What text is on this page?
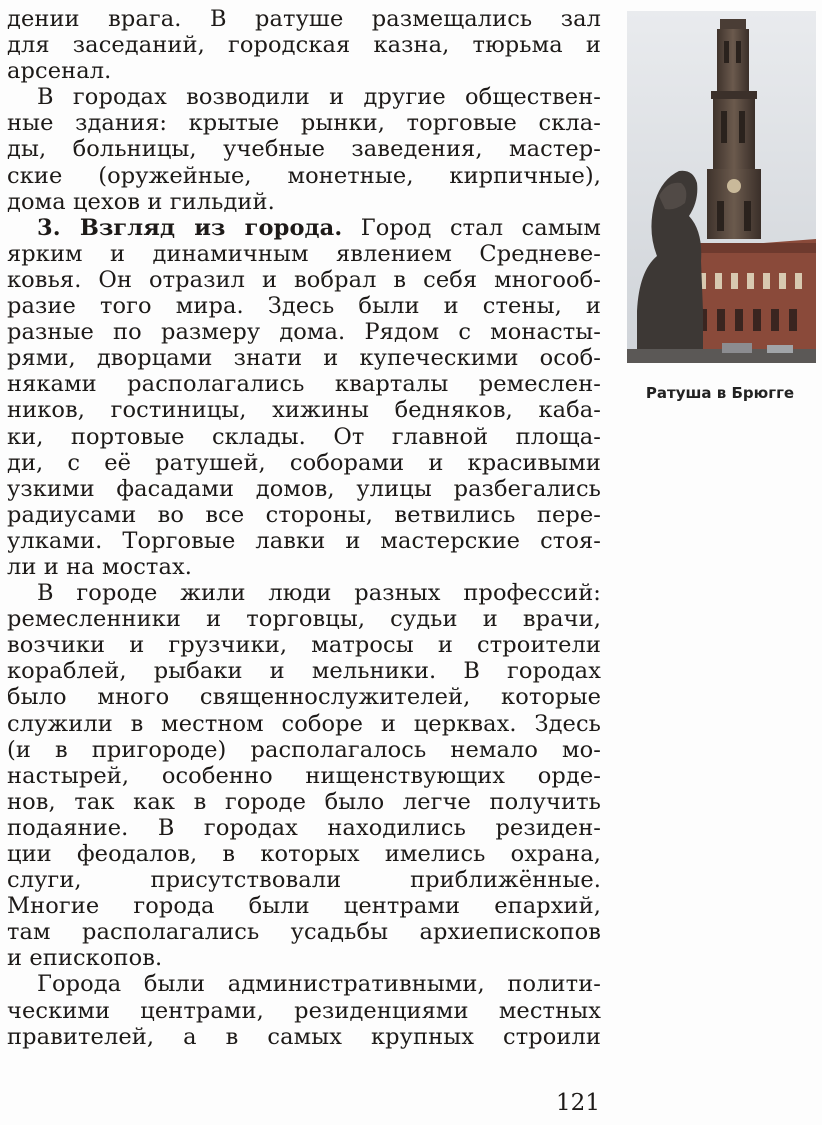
дении врага. В ратуше размещались зал
для заседаний, городская казна, тюрьма и
арсенал.
В городах возводили и другие обществен-
ные здания: крытые рынки, торговые скла-
ды, больницы, учебные заведения, мастер-
ские (оружейные, монетные, кирпичные),
дома цехов и гильдий.
3. Взгляд из города. Город стал самым
ярким и динамичным явлением Средневе-
ковья. Он отразил и вобрал в себя многооб-
разие того мира. Здесь были и стены, и
разные по размеру дома. Рядом с монасты-
рями, дворцами знати и купеческими особ-
няками располагались кварталы ремеслен-
ников, гостиницы, хижины бедняков, каба-
ки, портовые склады. От главной площа-
ди, с её ратушей, соборами и красивыми
узкими фасадами домов, улицы разбегались
радиусами во все стороны, ветвились пере-
улками. Торговые лавки и мастерские стоя-
ли и на мостах.
В городе жили люди разных профессий:
ремесленники и торговцы, судьи и врачи,
возчики и грузчики, матросы и строители
кораблей, рыбаки и мельники. В городах
было много священнослужителей, которые
служили в местном соборе и церквах. Здесь
(и в пригороде) располагалось немало мо-
настырей, особенно нищенствующих орде-
нов, так как в городе было легче получить
подаяние. В городах находились резиден-
ции феодалов, в которых имелись охрана,
слуги, присутствовали приближённые.
Многие города были центрами епархий,
там располагались усадьбы архиепископов
и епископов.
Города были административными, полити-
ческими центрами, резиденциями местных
правителей, а в самых крупных строили
Ратуша в Брюгге
121
